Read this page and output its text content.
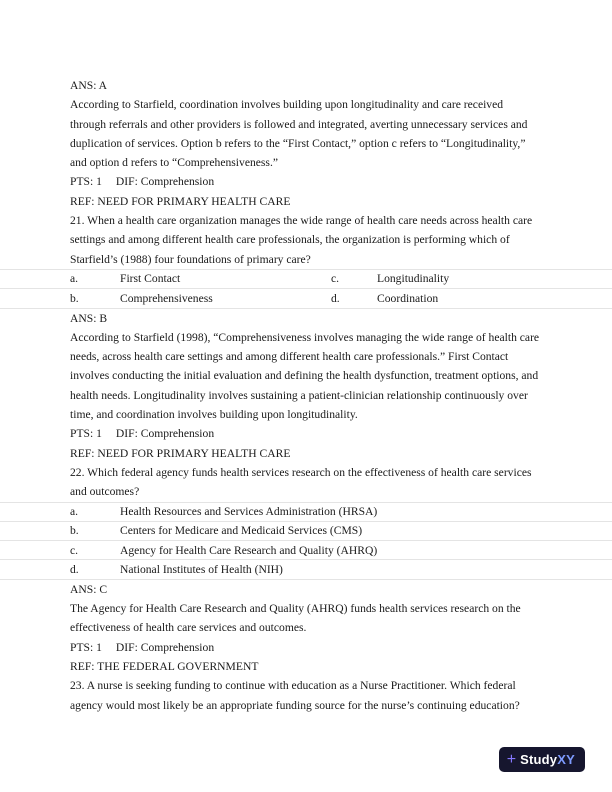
ANS: A

According to Starfield, coordination involves building upon longitudinality and care received through referrals and other providers is followed and integrated, averting unnecessary services and duplication of services. Option b refers to the “First Contact,” option c refers to “Longitudinality,” and option d refers to “Comprehensiveness.”

PTS: 1 DIF: Comprehension

REF: NEED FOR PRIMARY HEALTH CARE

21. When a health care organization manages the wide range of health care needs across health care settings and among different health care professionals, the organization is performing which of Starfield’s (1988) four foundations of primary care?

a.	First Contact	c.	Longitudinality
b.	Comprehensiveness	d.	Coordination

ANS: B

According to Starfield (1998), “Comprehensiveness involves managing the wide range of health care needs, across health care settings and among different health care professionals.” First Contact involves conducting the initial evaluation and defining the health dysfunction, treatment options, and health needs. Longitudinality involves sustaining a patient-clinician relationship continuously over time, and coordination involves building upon longitudinality.

PTS: 1 DIF: Comprehension

REF: NEED FOR PRIMARY HEALTH CARE

22. Which federal agency funds health services research on the effectiveness of health care services and outcomes?

a.	Health Resources and Services Administration (HRSA)
b.	Centers for Medicare and Medicaid Services (CMS)
c.	Agency for Health Care Research and Quality (AHRQ)
d.	National Institutes of Health (NIH)

ANS: C

The Agency for Health Care Research and Quality (AHRQ) funds health services research on the effectiveness of health care services and outcomes.

PTS: 1 DIF: Comprehension

REF: THE FEDERAL GOVERNMENT

23. A nurse is seeking funding to continue with education as a Nurse Practitioner. Which federal agency would most likely be an appropriate funding source for the nurse’s continuing education?

+ Study XY
